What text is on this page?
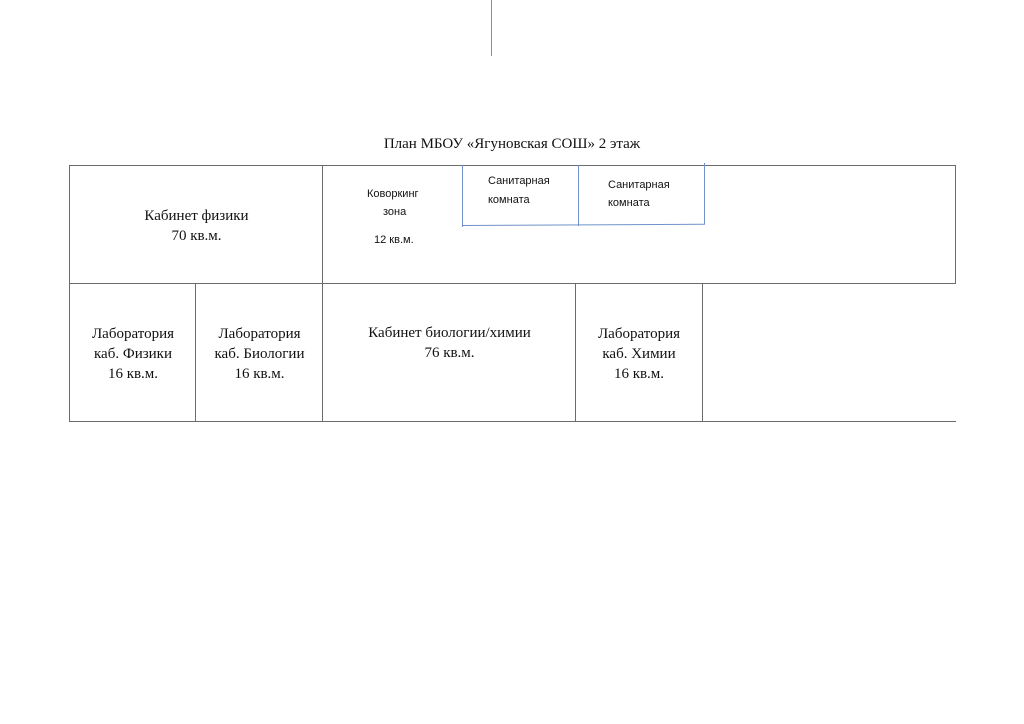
План МБОУ «Ягуновская СОШ» 2 этаж
Кабинет физики
70 кв.м.
Коворкинг
зона
12 кв.м.
Санитарная
комната
Санитарная
комната
Лаборатория
каб. Физики
16 кв.м.
Лаборатория
каб. Биологии
16 кв.м.
Кабинет биологии/химии
76 кв.м.
Лаборатория
каб. Химии
16 кв.м.
